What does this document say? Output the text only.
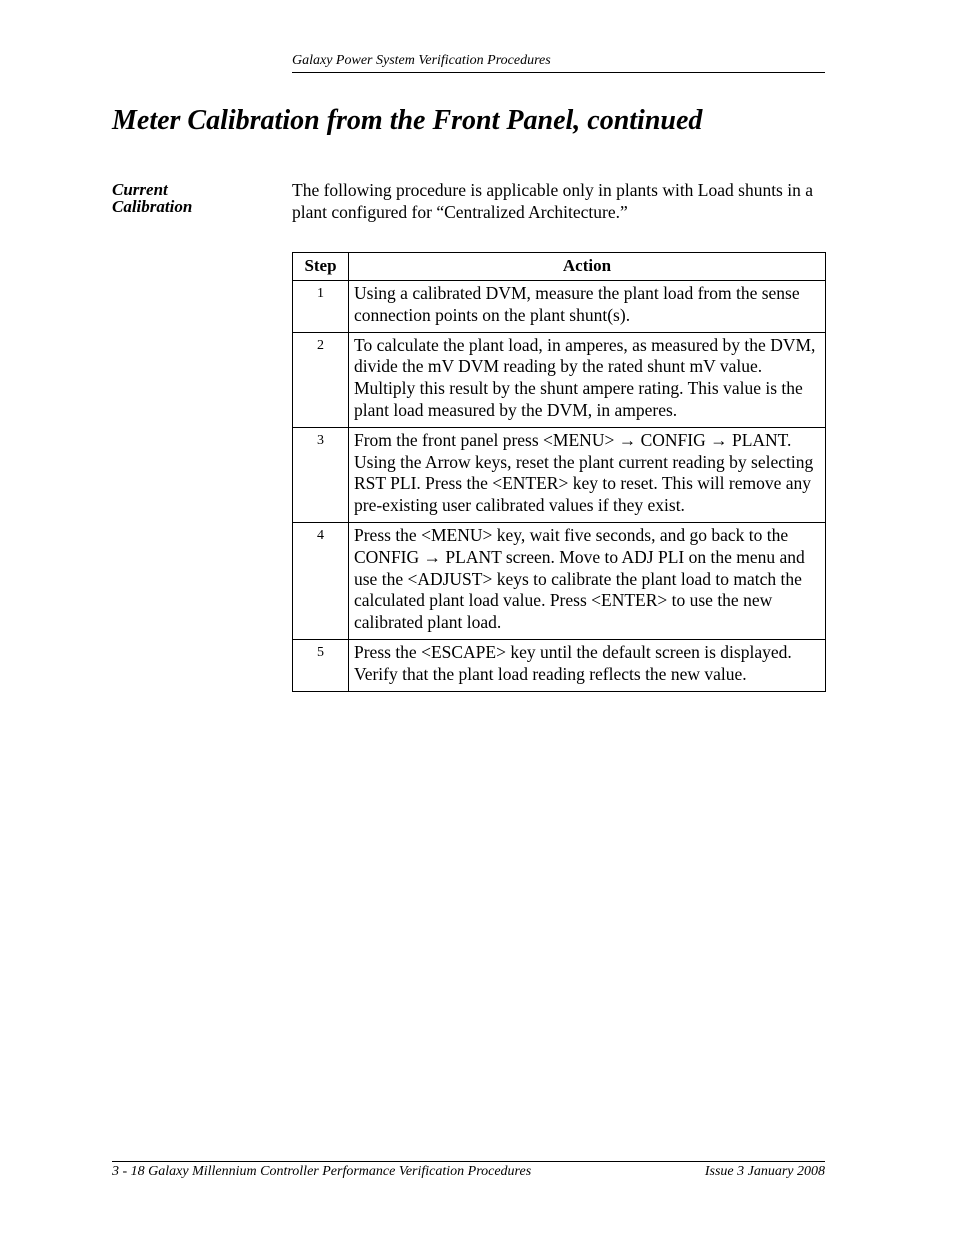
Galaxy Power System Verification Procedures
Meter Calibration from the Front Panel, continued
Current
Calibration

The following procedure is applicable only in plants with Load shunts in a plant configured for “Centralized Architecture.”

Step	Action
1	Using a calibrated DVM, measure the plant load from the sense connection points on the plant shunt(s).
2	To calculate the plant load, in amperes, as measured by the DVM, divide the mV DVM reading by the rated shunt mV value. Multiply this result by the shunt ampere rating. This value is the plant load measured by the DVM, in amperes.
3	From the front panel press <MENU> → CONFIG → PLANT. Using the Arrow keys, reset the plant current reading by selecting RST PLI. Press the <ENTER> key to reset. This will remove any pre-existing user calibrated values if they exist.
4	Press the <MENU> key, wait five seconds, and go back to the CONFIG → PLANT screen. Move to ADJ PLI on the menu and use the <ADJUST> keys to calibrate the plant load to match the calculated plant load value. Press <ENTER> to use the new calibrated plant load.
5	Press the <ESCAPE> key until the default screen is displayed. Verify that the plant load reading reflects the new value.
3 - 18 Galaxy Millennium Controller Performance Verification Procedures	Issue 3 January 2008
